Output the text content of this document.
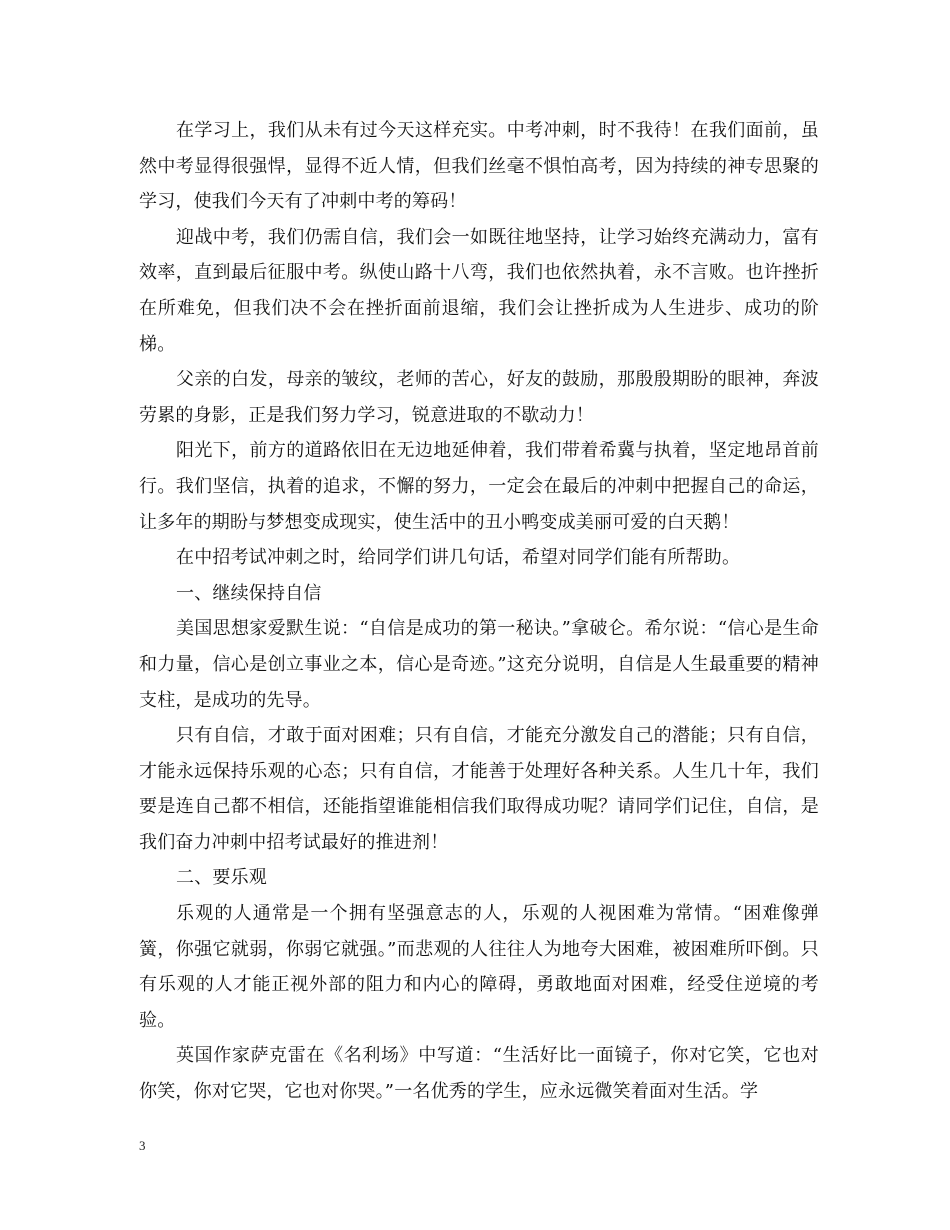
在学习上，我们从未有过今天这样充实。中考冲刺，时不我待！在我们面前，虽然中考显得很强悍，显得不近人情，但我们丝毫不惧怕高考，因为持续的神专思聚的学习，使我们今天有了冲刺中考的筹码！

迎战中考，我们仍需自信，我们会一如既往地坚持，让学习始终充满动力，富有效率，直到最后征服中考。纵使山路十八弯，我们也依然执着，永不言败。也许挫折在所难免，但我们决不会在挫折面前退缩，我们会让挫折成为人生进步、成功的阶梯。

父亲的白发，母亲的皱纹，老师的苦心，好友的鼓励，那殷殷期盼的眼神，奔波劳累的身影，正是我们努力学习，锐意进取的不歇动力！

阳光下，前方的道路依旧在无边地延伸着，我们带着希冀与执着，坚定地昂首前行。我们坚信，执着的追求，不懈的努力，一定会在最后的冲刺中把握自己的命运，让多年的期盼与梦想变成现实，使生活中的丑小鸭变成美丽可爱的白天鹅！

在中招考试冲刺之时，给同学们讲几句话，希望对同学们能有所帮助。

一、继续保持自信

美国思想家爱默生说：“自信是成功的第一秘诀。”拿破仑。希尔说：“信心是生命和力量，信心是创立事业之本，信心是奇迹。”这充分说明，自信是人生最重要的精神支柱，是成功的先导。

只有自信，才敢于面对困难；只有自信，才能充分激发自己的潜能；只有自信，才能永远保持乐观的心态；只有自信，才能善于处理好各种关系。人生几十年，我们要是连自己都不相信，还能指望谁能相信我们取得成功呢？请同学们记住，自信，是我们奋力冲刺中招考试最好的推进剂！

二、要乐观

乐观的人通常是一个拥有坚强意志的人，乐观的人视困难为常情。“困难像弹簧，你强它就弱，你弱它就强。”而悲观的人往往人为地夸大困难，被困难所吓倒。只有乐观的人才能正视外部的阻力和内心的障碍，勇敢地面对困难，经受住逆境的考验。

英国作家萨克雷在《名利场》中写道：“生活好比一面镜子，你对它笑，它也对你笑，你对它哭，它也对你哭。”一名优秀的学生，应永远微笑着面对生活。学

3
